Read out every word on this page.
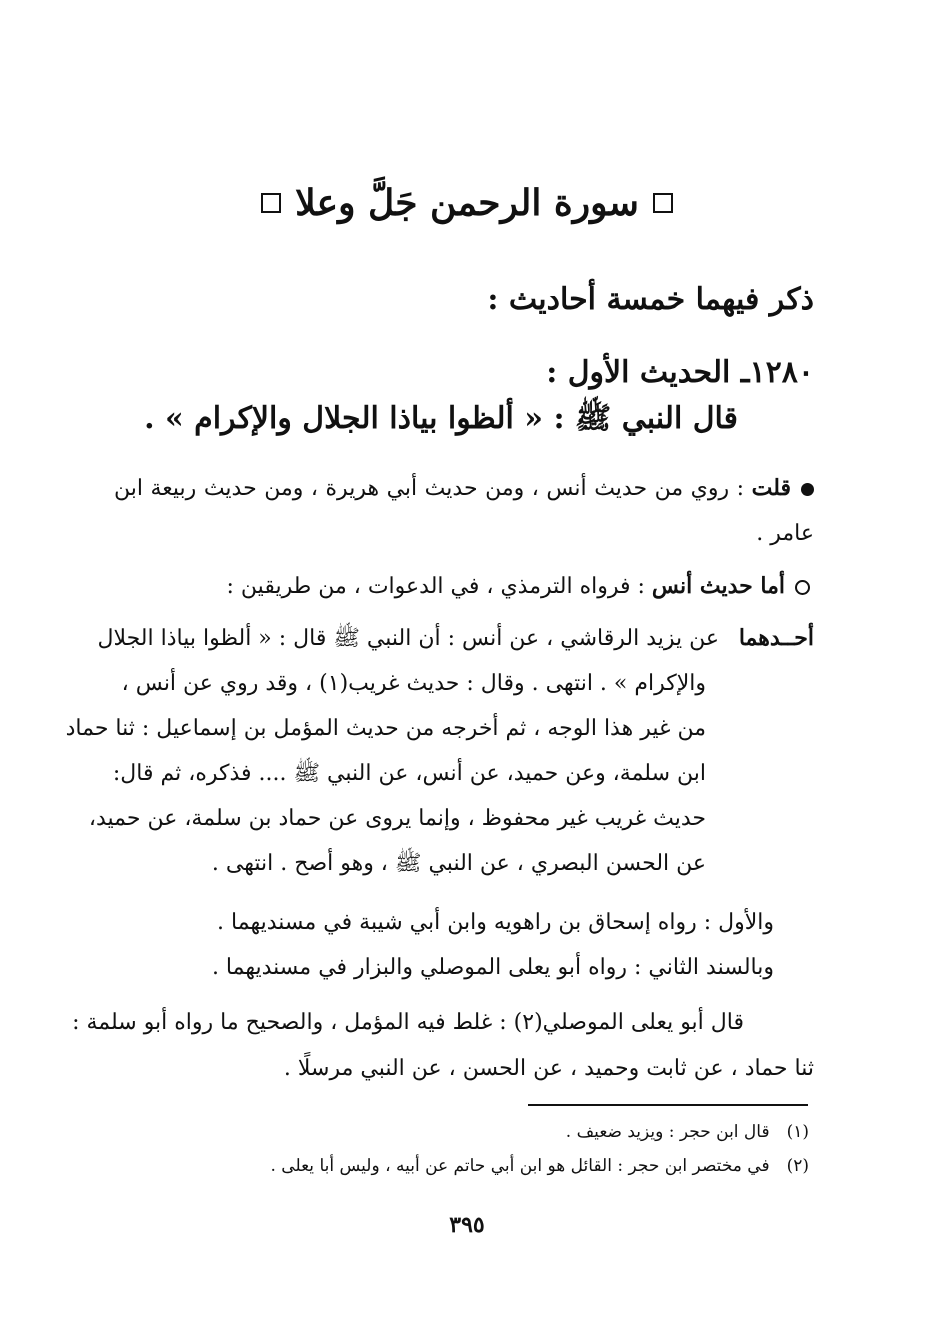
سورة الرحمن جَلَّ وعلا
ذكر فيهما خمسة أحاديث :
١٢٨٠ـ الحديث الأول :
قال النبي ﷺ : « ألظوا بياذا الجلال والإكرام » .
قلت : روي من حديث أنس ، ومن حديث أبي هريرة ، ومن حديث ربيعة ابن عامر .
أما حديث أنس : فرواه الترمذي ، في الدعوات ، من طريقين :
أحــدهما
عن يزيد الرقاشي ، عن أنس : أن النبي ﷺ قال : « ألظوا بياذا الجلال
والإكرام » . انتهى . وقال : حديث غريب(١) ، وقد روي عن أنس ،
من غير هذا الوجه ، ثم أخرجه من حديث المؤمل بن إسماعيل : ثنا حماد
ابن سلمة، وعن حميد، عن أنس، عن النبي ﷺ .... فذكره، ثم قال:
حديث غريب غير محفوظ ، وإنما يروى عن حماد بن سلمة، عن حميد،
عن الحسن البصري ، عن النبي ﷺ ، وهو أصح . انتهى .
والأول : رواه إسحاق بن راهويه وابن أبي شيبة في مسنديهما .
وبالسند الثاني : رواه أبو يعلى الموصلي والبزار في مسنديهما .
قال أبو يعلى الموصلي(٢) : غلط فيه المؤمل ، والصحيح ما رواه أبو سلمة :
ثنا حماد ، عن ثابت وحميد ، عن الحسن ، عن النبي مرسلًا .
(١) قال ابن حجر : ويزيد ضعيف .
(٢) في مختصر ابن حجر : القائل هو ابن أبي حاتم عن أبيه ، وليس أبا يعلى .
٣٩٥
